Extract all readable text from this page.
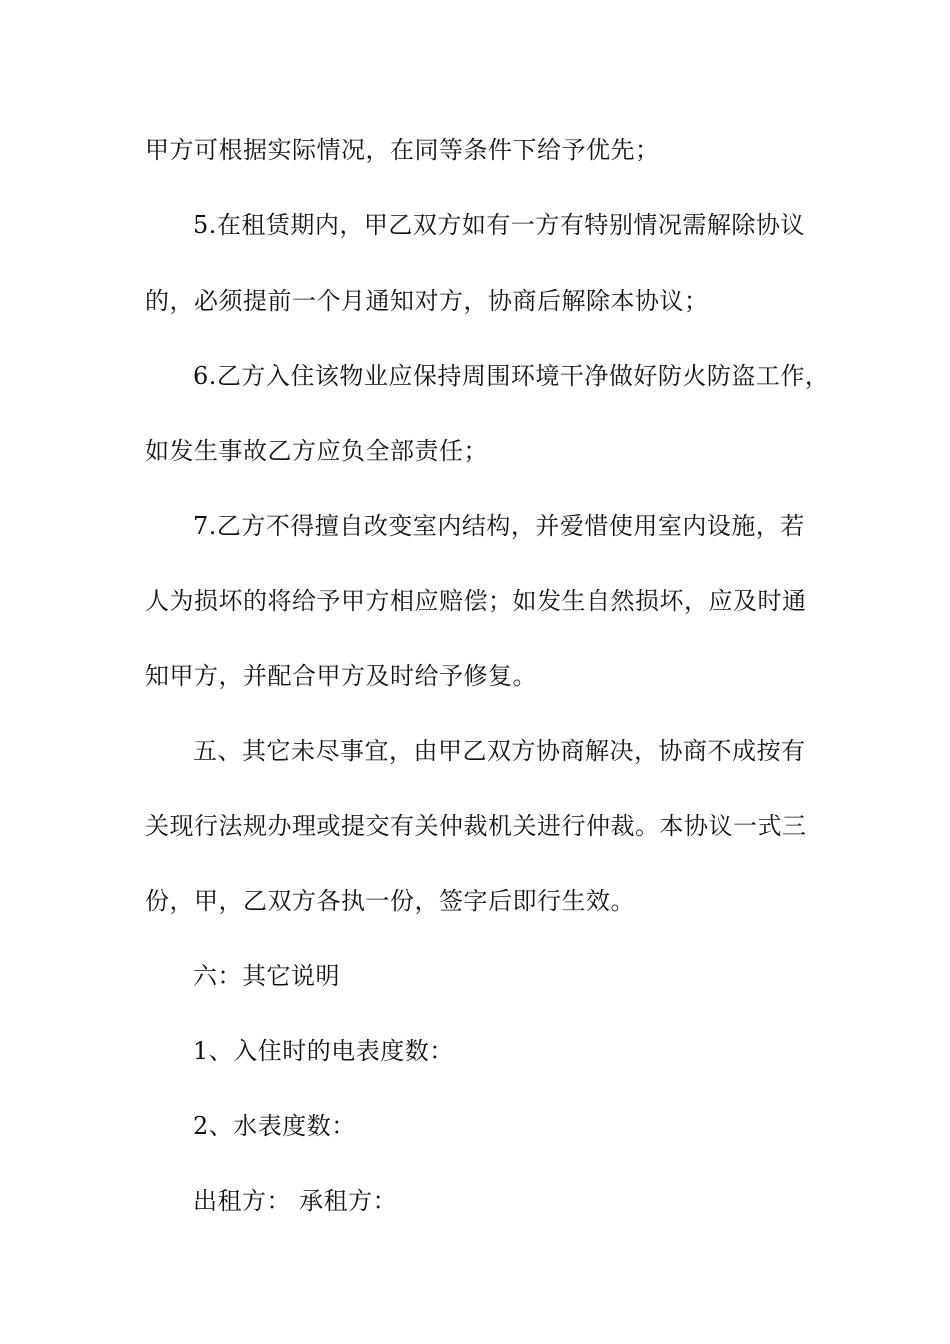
甲方可根据实际情况，在同等条件下给予优先；
5.在租赁期内，甲乙双方如有一方有特别情况需解除协议
的，必须提前一个月通知对方，协商后解除本协议；
6.乙方入住该物业应保持周围环境干净做好防火防盗工作，
如发生事故乙方应负全部责任；
7.乙方不得擅自改变室内结构，并爱惜使用室内设施，若
人为损坏的将给予甲方相应赔偿；如发生自然损坏，应及时通
知甲方，并配合甲方及时给予修复。
五、其它未尽事宜，由甲乙双方协商解决，协商不成按有
关现行法规办理或提交有关仲裁机关进行仲裁。本协议一式三
份，甲，乙双方各执一份，签字后即行生效。
六：其它说明
1、入住时的电表度数：
2、水表度数：
出租方： 承租方：
